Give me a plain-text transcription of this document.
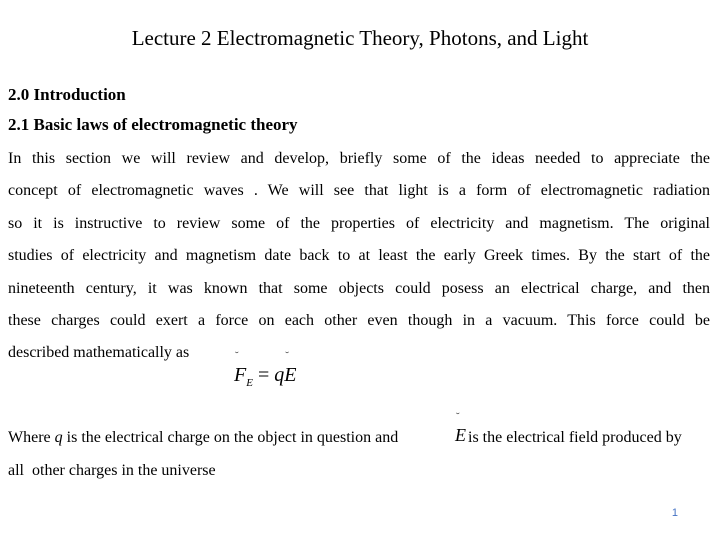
Lecture 2 Electromagnetic Theory, Photons, and Light
2.0 Introduction
2.1 Basic laws of electromagnetic theory
In this section we will review and develop, briefly some of the ideas needed to appreciate the
concept of electromagnetic waves . We will see that light is a form of electromagnetic radiation
so it is instructive to review some of the properties of electricity and magnetism. The original
studies of electricity and magnetism date back to at least the early Greek times. By the start of the
nineteenth century, it was known that some objects could posess an electrical charge, and then
these charges could exert a force on each other even though in a vacuum. This force could be
described mathematically as
˘ $F_E$ = q˘ E
Where q is the electrical charge on the object in question and
˘	E is the electrical field produced by
all  other charges in the universe
1
